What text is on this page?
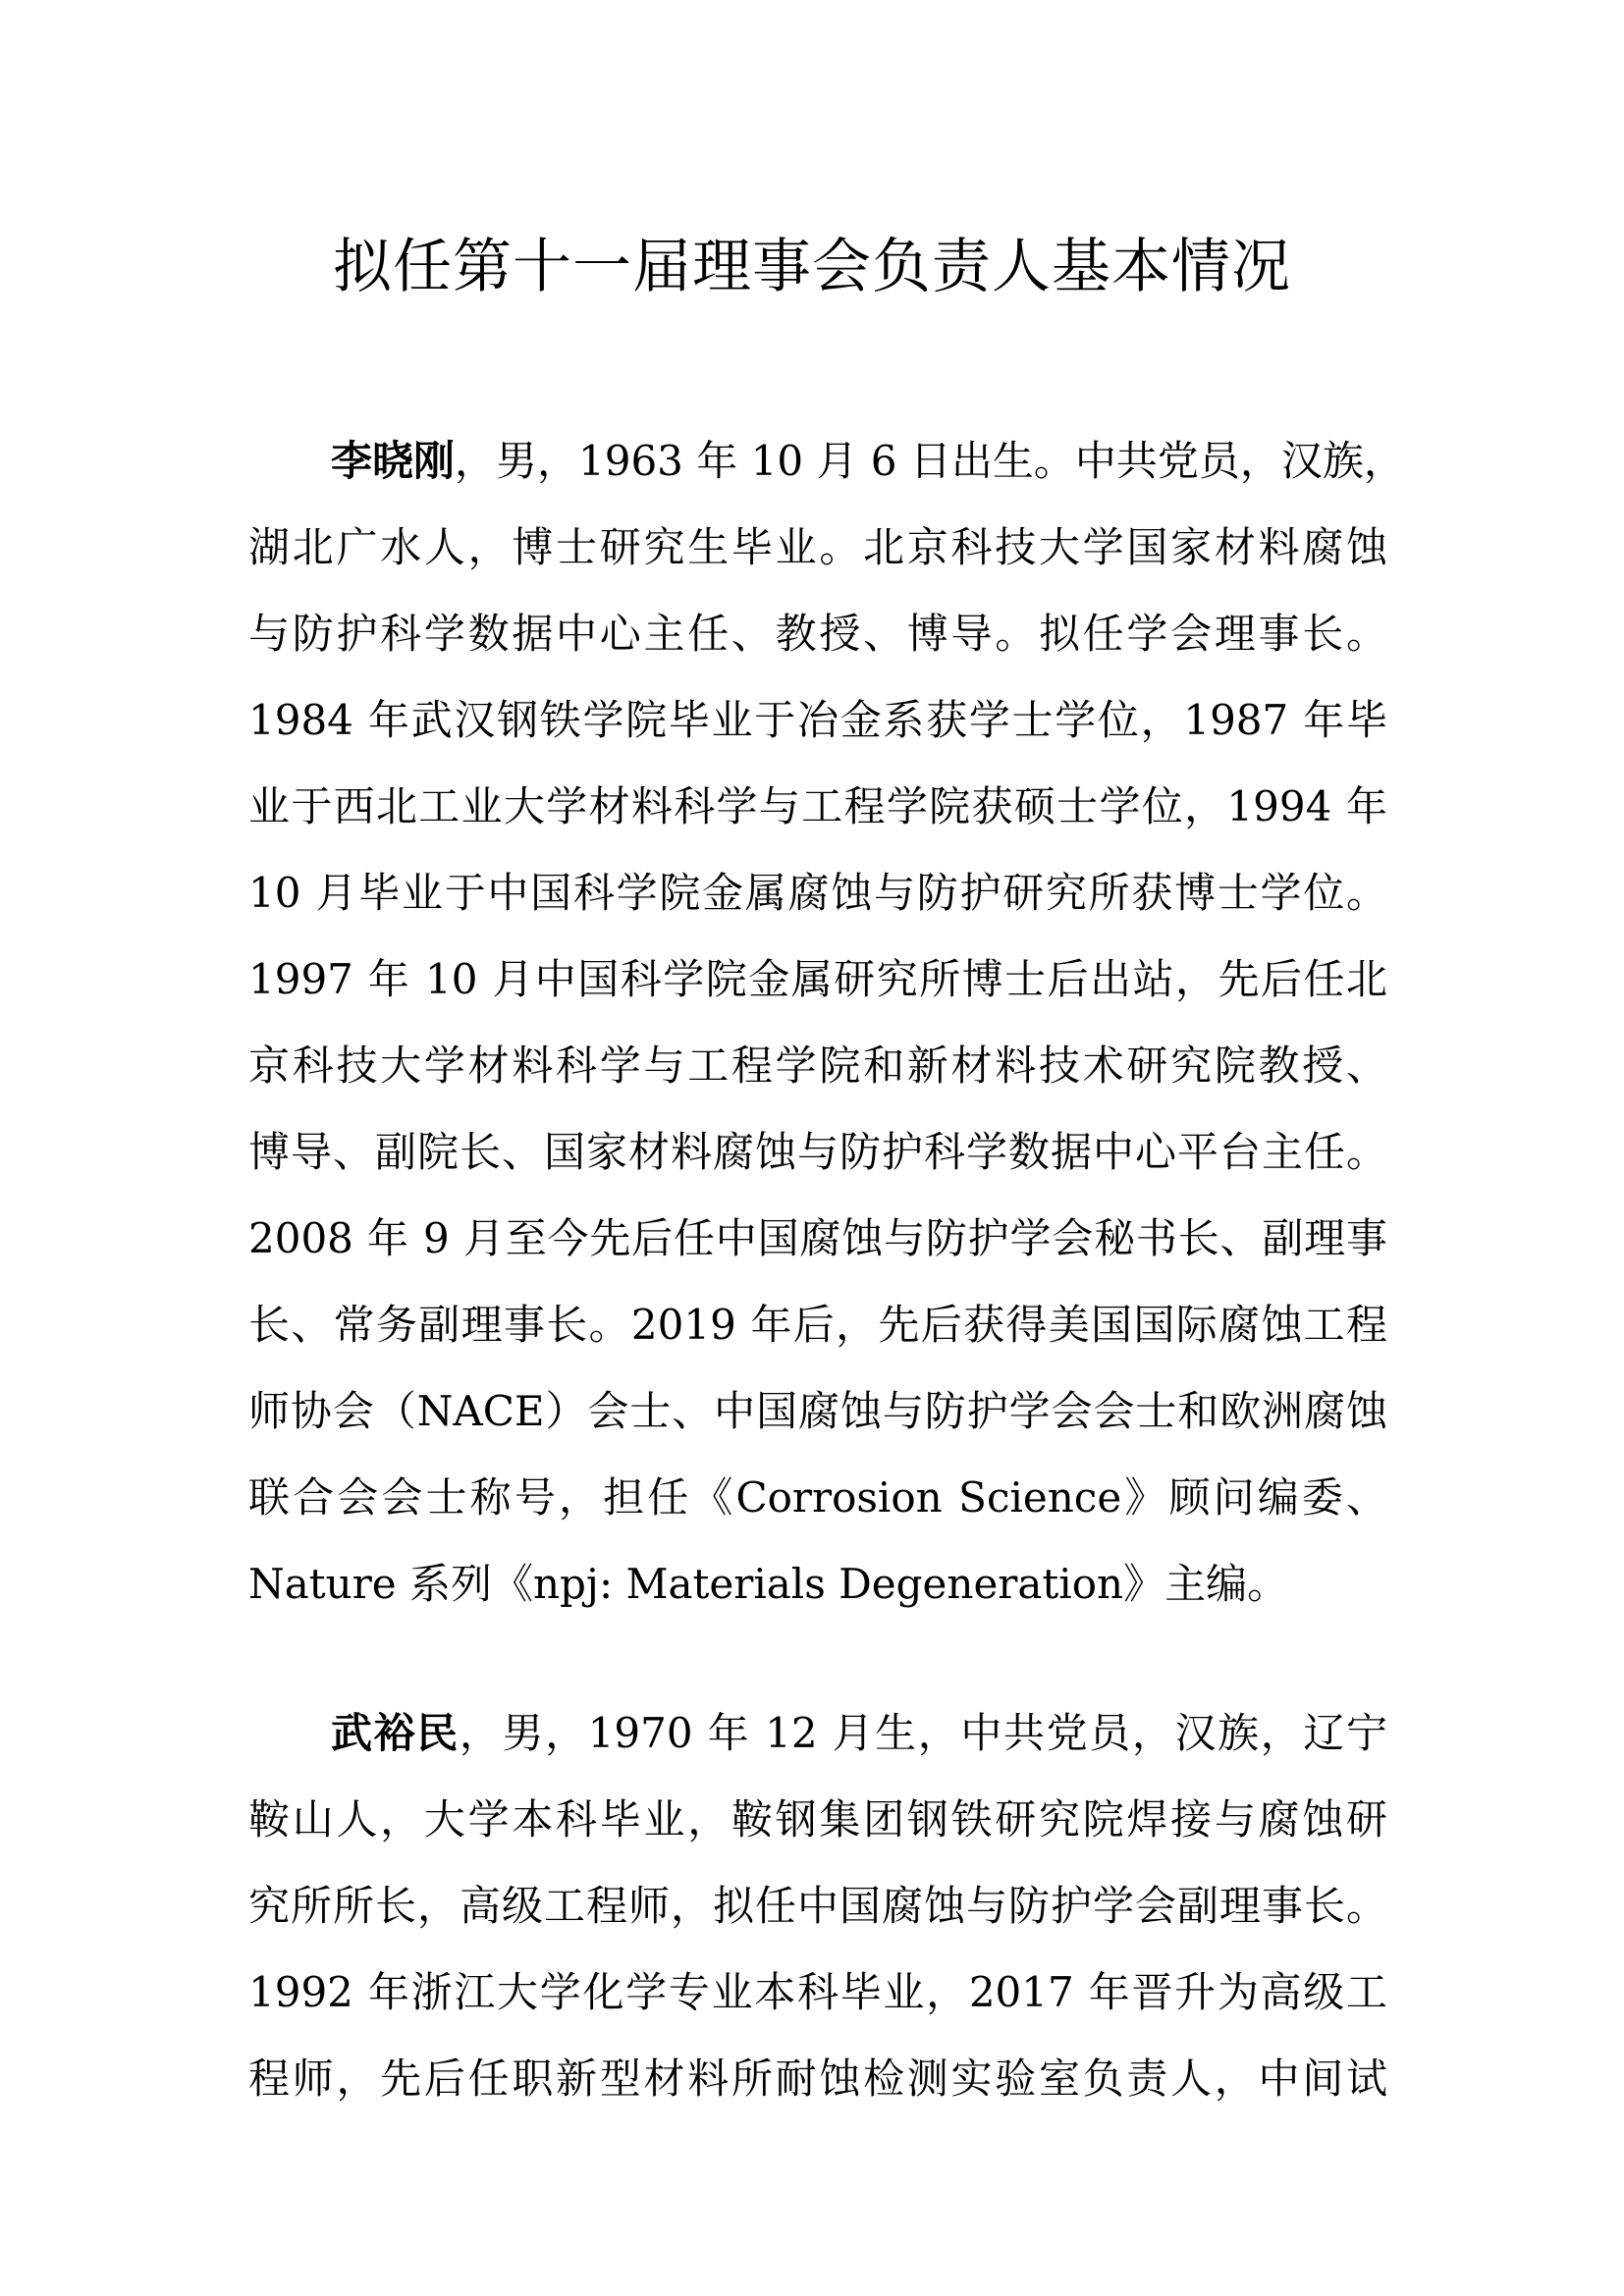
拟任第十一届理事会负责人基本情况
李晓刚，男，1963 年 10 月 6 日出生。中共党员，汉族，
湖北广水人，博士研究生毕业。北京科技大学国家材料腐蚀
与防护科学数据中心主任、教授、博导。拟任学会理事长。
1984 年武汉钢铁学院毕业于冶金系获学士学位，1987 年毕
业于西北工业大学材料科学与工程学院获硕士学位，1994 年
10 月毕业于中国科学院金属腐蚀与防护研究所获博士学位。
1997 年 10 月中国科学院金属研究所博士后出站，先后任北
京科技大学材料科学与工程学院和新材料技术研究院教授、
博导、副院长、国家材料腐蚀与防护科学数据中心平台主任。
2008 年 9 月至今先后任中国腐蚀与防护学会秘书长、副理事
长、常务副理事长。2019 年后，先后获得美国国际腐蚀工程
师协会（NACE）会士、中国腐蚀与防护学会会士和欧洲腐蚀
联合会会士称号，担任《Corrosion Science》顾问编委、
Nature 系列《npj: Materials Degeneration》主编。
武裕民，男，1970 年 12 月生，中共党员，汉族，辽宁
鞍山人，大学本科毕业，鞍钢集团钢铁研究院焊接与腐蚀研
究所所长，高级工程师，拟任中国腐蚀与防护学会副理事长。
1992 年浙江大学化学专业本科毕业，2017 年晋升为高级工
程师，先后任职新型材料所耐蚀检测实验室负责人，中间试
